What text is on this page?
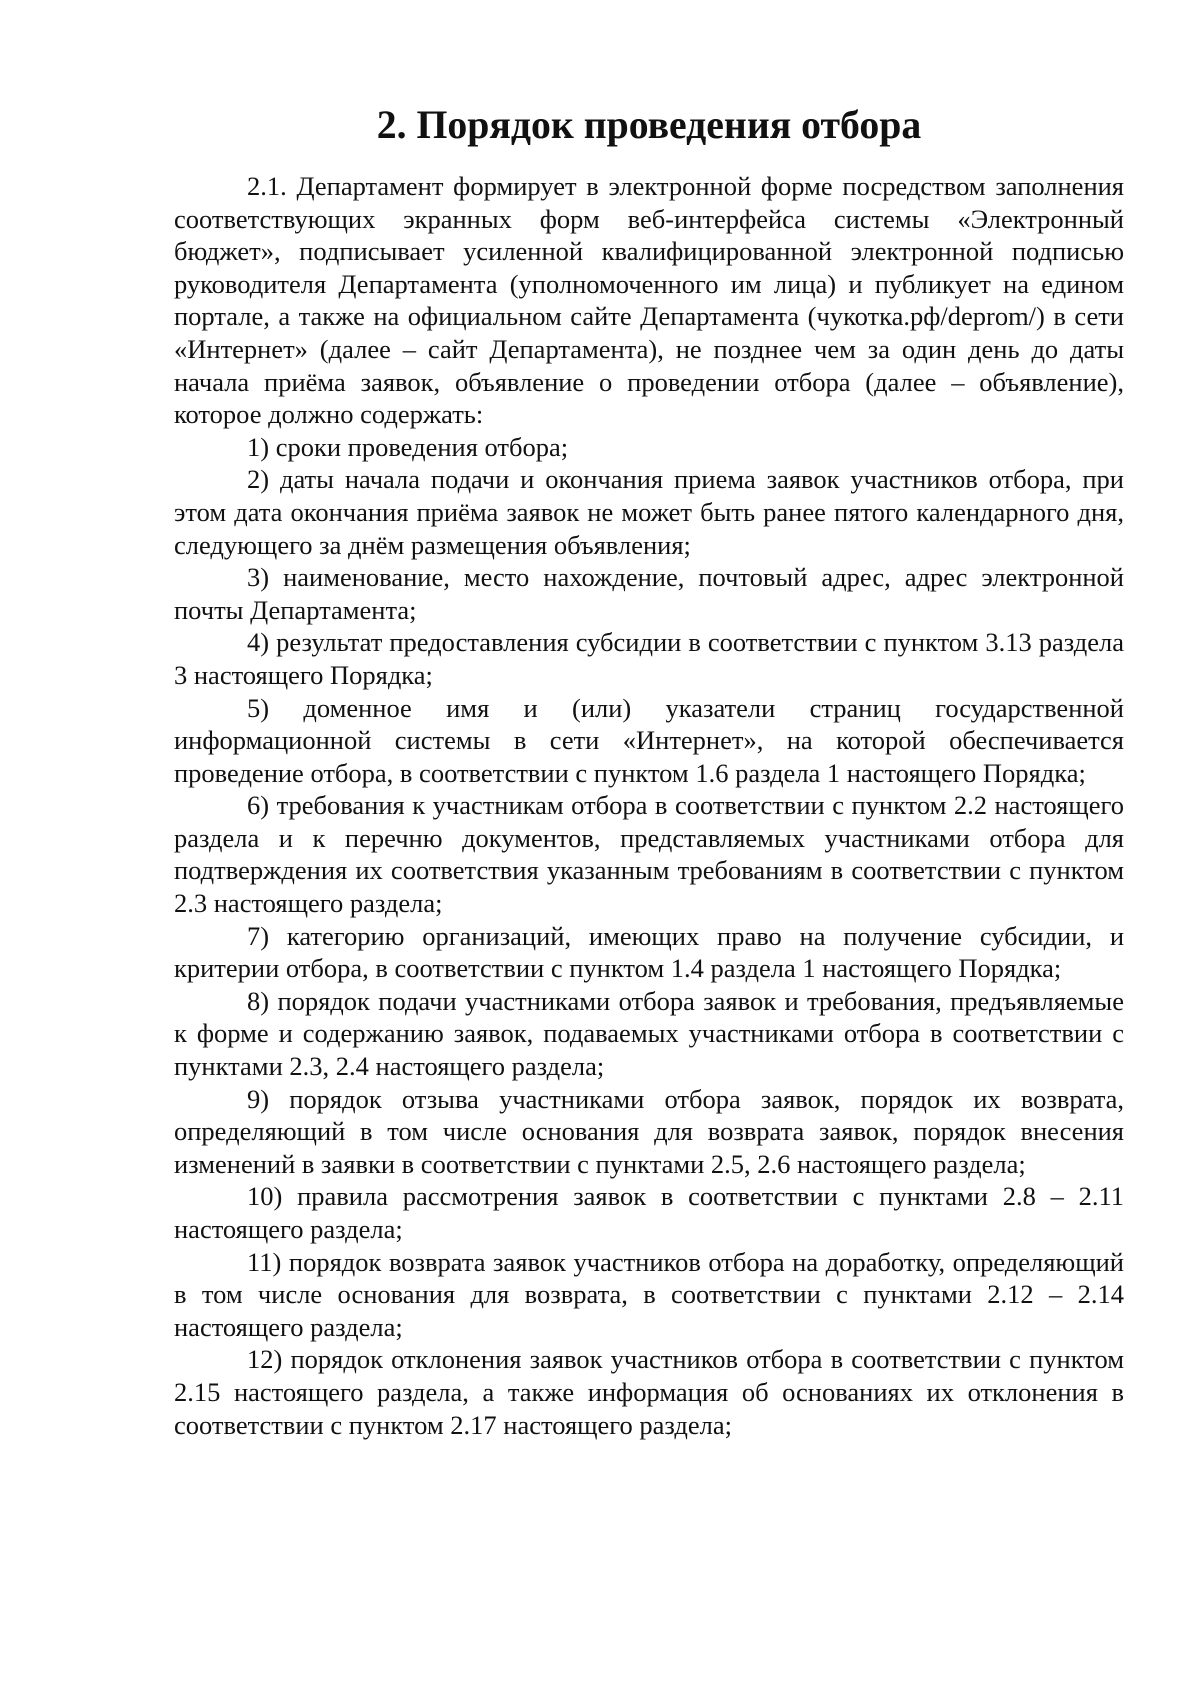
2. Порядок проведения отбора

2.1. Департамент формирует в электронной форме посредством заполнения соответствующих экранных форм веб-интерфейса системы «Электронный бюджет», подписывает усиленной квалифицированной электронной подписью руководителя Департамента (уполномоченного им лица) и публикует на едином портале, а также на официальном сайте Департамента (чукотка.рф/deprom/) в сети «Интернет» (далее – сайт Департамента), не позднее чем за один день до даты начала приёма заявок, объявление о проведении отбора (далее – объявление), которое должно содержать:

1) сроки проведения отбора;

2) даты начала подачи и окончания приема заявок участников отбора, при этом дата окончания приёма заявок не может быть ранее пятого календарного дня, следующего за днём размещения объявления;

3) наименование, место нахождение, почтовый адрес, адрес электронной почты Департамента;

4) результат предоставления субсидии в соответствии с пунктом 3.13 раздела 3 настоящего Порядка;

5) доменное имя и (или) указатели страниц государственной информационной системы в сети «Интернет», на которой обеспечивается проведение отбора, в соответствии с пунктом 1.6 раздела 1 настоящего Порядка;

6) требования к участникам отбора в соответствии с пунктом 2.2 настоящего раздела и к перечню документов, представляемых участниками отбора для подтверждения их соответствия указанным требованиям в соответствии с пунктом 2.3 настоящего раздела;

7) категорию организаций, имеющих право на получение субсидии, и критерии отбора, в соответствии с пунктом 1.4 раздела 1 настоящего Порядка;

8) порядок подачи участниками отбора заявок и требования, предъявляемые к форме и содержанию заявок, подаваемых участниками отбора в соответствии с пунктами 2.3, 2.4 настоящего раздела;

9) порядок отзыва участниками отбора заявок, порядок их возврата, определяющий в том числе основания для возврата заявок, порядок внесения изменений в заявки в соответствии с пунктами 2.5, 2.6 настоящего раздела;

10) правила рассмотрения заявок в соответствии с пунктами 2.8 – 2.11 настоящего раздела;

11) порядок возврата заявок участников отбора на доработку, определяющий в том числе основания для возврата, в соответствии с пунктами 2.12 – 2.14 настоящего раздела;

12) порядок отклонения заявок участников отбора в соответствии с пунктом 2.15 настоящего раздела, а также информация об основаниях их отклонения в соответствии с пунктом 2.17 настоящего раздела;
